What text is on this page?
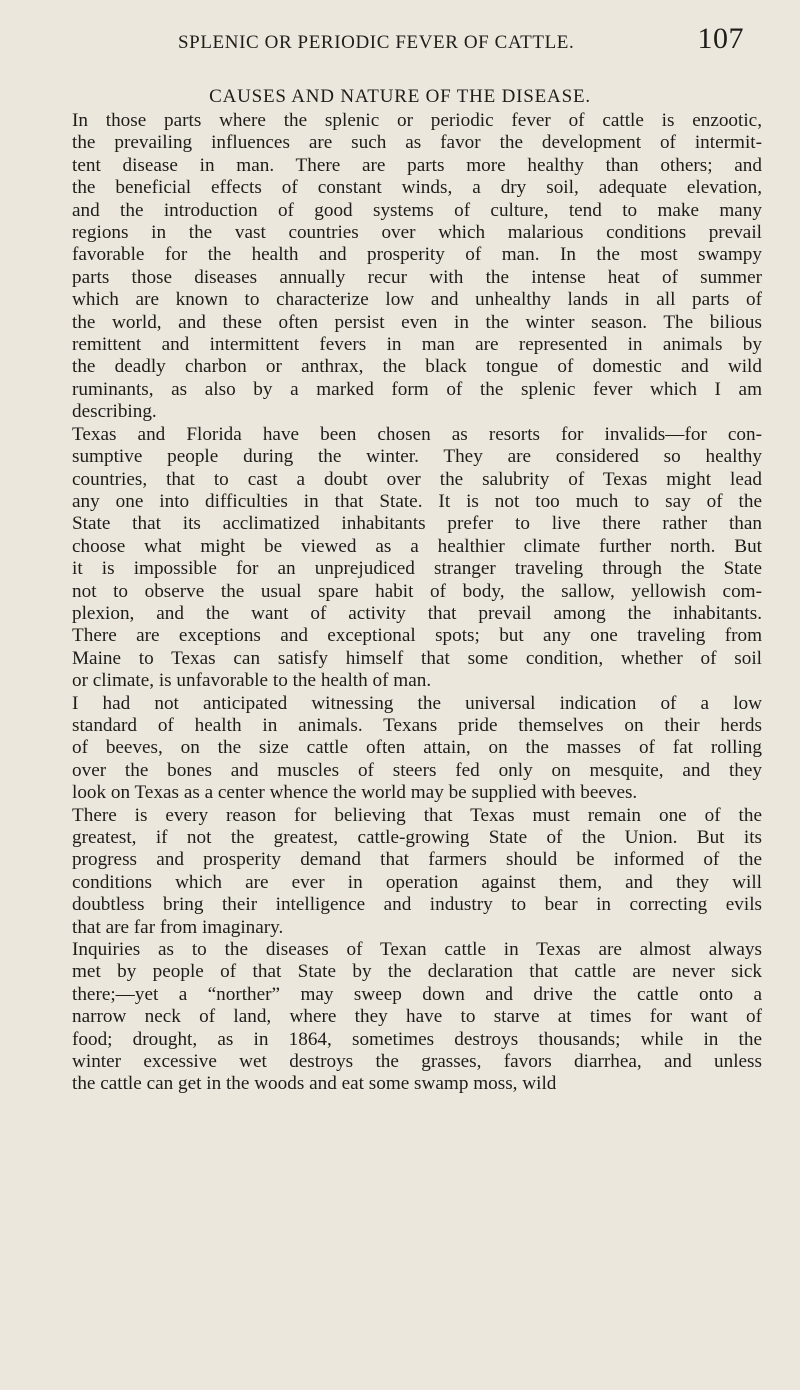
SPLENIC OR PERIODIC FEVER OF CATTLE.	107
CAUSES AND NATURE OF THE DISEASE.
In those parts where the splenic or periodic fever of cattle is enzootic,
the prevailing influences are such as favor the development of intermit-
tent disease in man. There are parts more healthy than others; and
the beneficial effects of constant winds, a dry soil, adequate elevation,
and the introduction of good systems of culture, tend to make many
regions in the vast countries over which malarious conditions prevail
favorable for the health and prosperity of man. In the most swampy
parts those diseases annually recur with the intense heat of summer
which are known to characterize low and unhealthy lands in all parts of
the world, and these often persist even in the winter season. The bilious
remittent and intermittent fevers in man are represented in animals by
the deadly charbon or anthrax, the black tongue of domestic and wild
ruminants, as also by a marked form of the splenic fever which I am
describing.
Texas and Florida have been chosen as resorts for invalids—for con-
sumptive people during the winter. They are considered so healthy
countries, that to cast a doubt over the salubrity of Texas might lead
any one into difficulties in that State. It is not too much to say of the
State that its acclimatized inhabitants prefer to live there rather than
choose what might be viewed as a healthier climate further north. But
it is impossible for an unprejudiced stranger traveling through the State
not to observe the usual spare habit of body, the sallow, yellowish com-
plexion, and the want of activity that prevail among the inhabitants.
There are exceptions and exceptional spots; but any one traveling from
Maine to Texas can satisfy himself that some condition, whether of soil
or climate, is unfavorable to the health of man.
I had not anticipated witnessing the universal indication of a low
standard of health in animals. Texans pride themselves on their herds
of beeves, on the size cattle often attain, on the masses of fat rolling
over the bones and muscles of steers fed only on mesquite, and they
look on Texas as a center whence the world may be supplied with beeves.
There is every reason for believing that Texas must remain one of the
greatest, if not the greatest, cattle-growing State of the Union. But its
progress and prosperity demand that farmers should be informed of the
conditions which are ever in operation against them, and they will
doubtless bring their intelligence and industry to bear in correcting evils
that are far from imaginary.
Inquiries as to the diseases of Texan cattle in Texas are almost always
met by people of that State by the declaration that cattle are never sick
there;—yet a “norther” may sweep down and drive the cattle onto a
narrow neck of land, where they have to starve at times for want of
food; drought, as in 1864, sometimes destroys thousands; while in the
winter excessive wet destroys the grasses, favors diarrhea, and unless
the cattle can get in the woods and eat some swamp moss, wild
